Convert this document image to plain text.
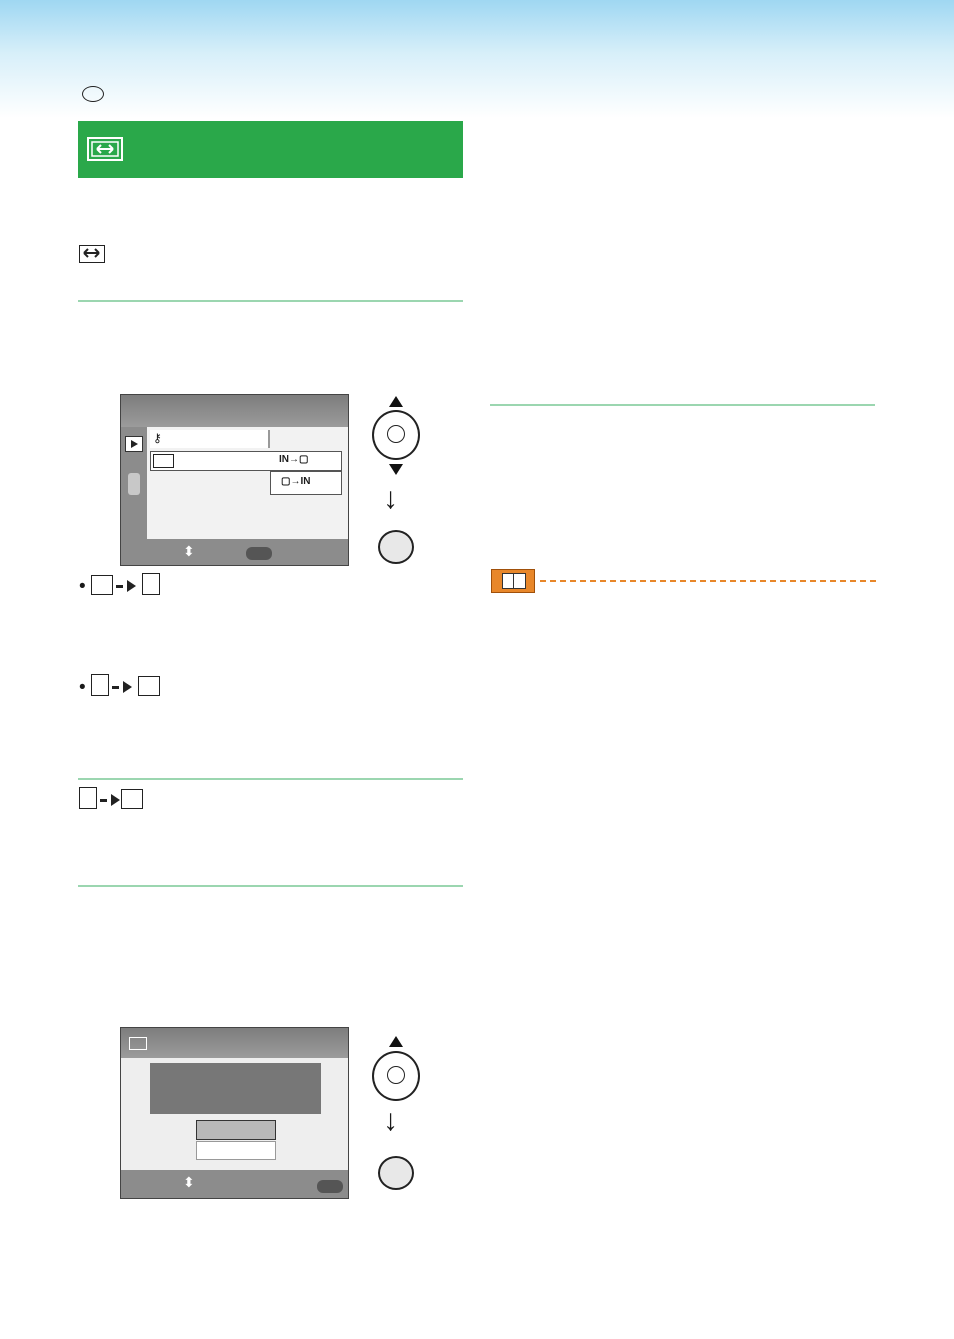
⚷
IN→▢
▢→IN
⬍
↓
•
•
⬍
↓
